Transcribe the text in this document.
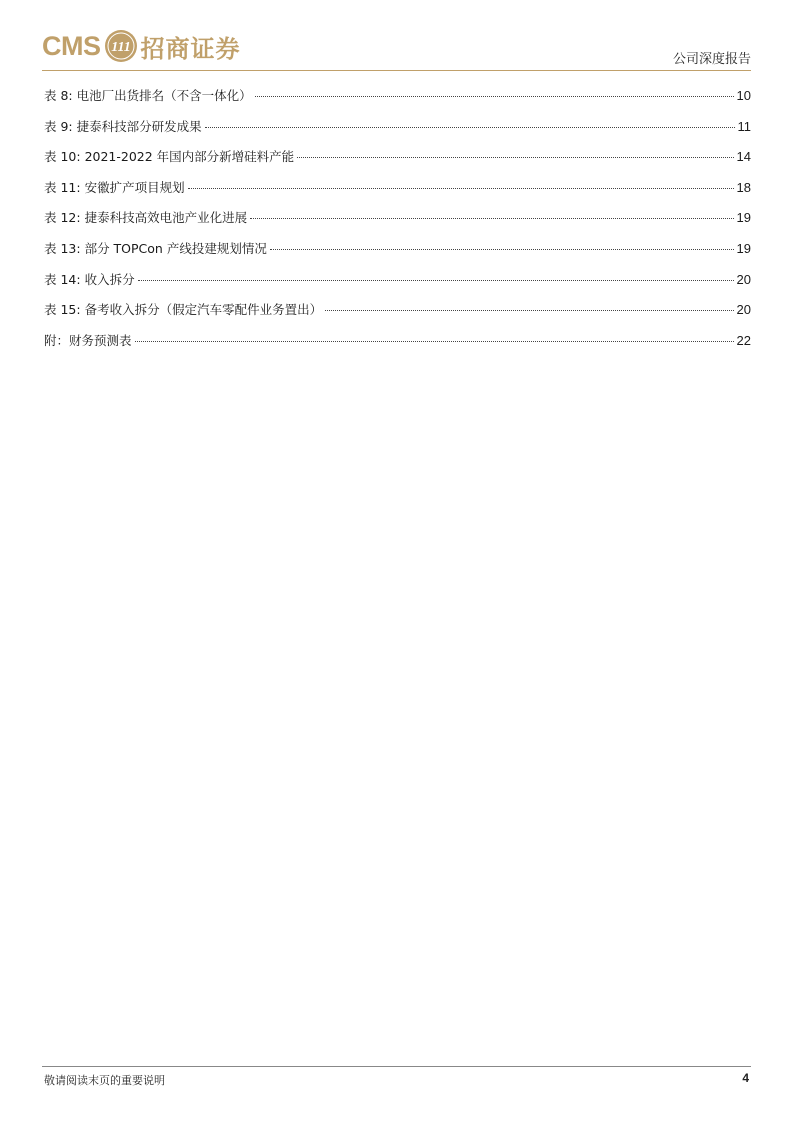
CMS 111 招商证券	公司深度报告
表 8: 电池厂出货排名（不含一体化）	10
表 9: 捷泰科技部分研发成果	11
表 10: 2021-2022 年国内部分新增硅料产能	14
表 11: 安徽扩产项目规划	18
表 12: 捷泰科技高效电池产业化进展	19
表 13: 部分 TOPCon 产线投建规划情况	19
表 14: 收入拆分	20
表 15: 备考收入拆分（假定汽车零配件业务置出）	20
附：财务预测表	22
敬请阅读末页的重要说明	4
